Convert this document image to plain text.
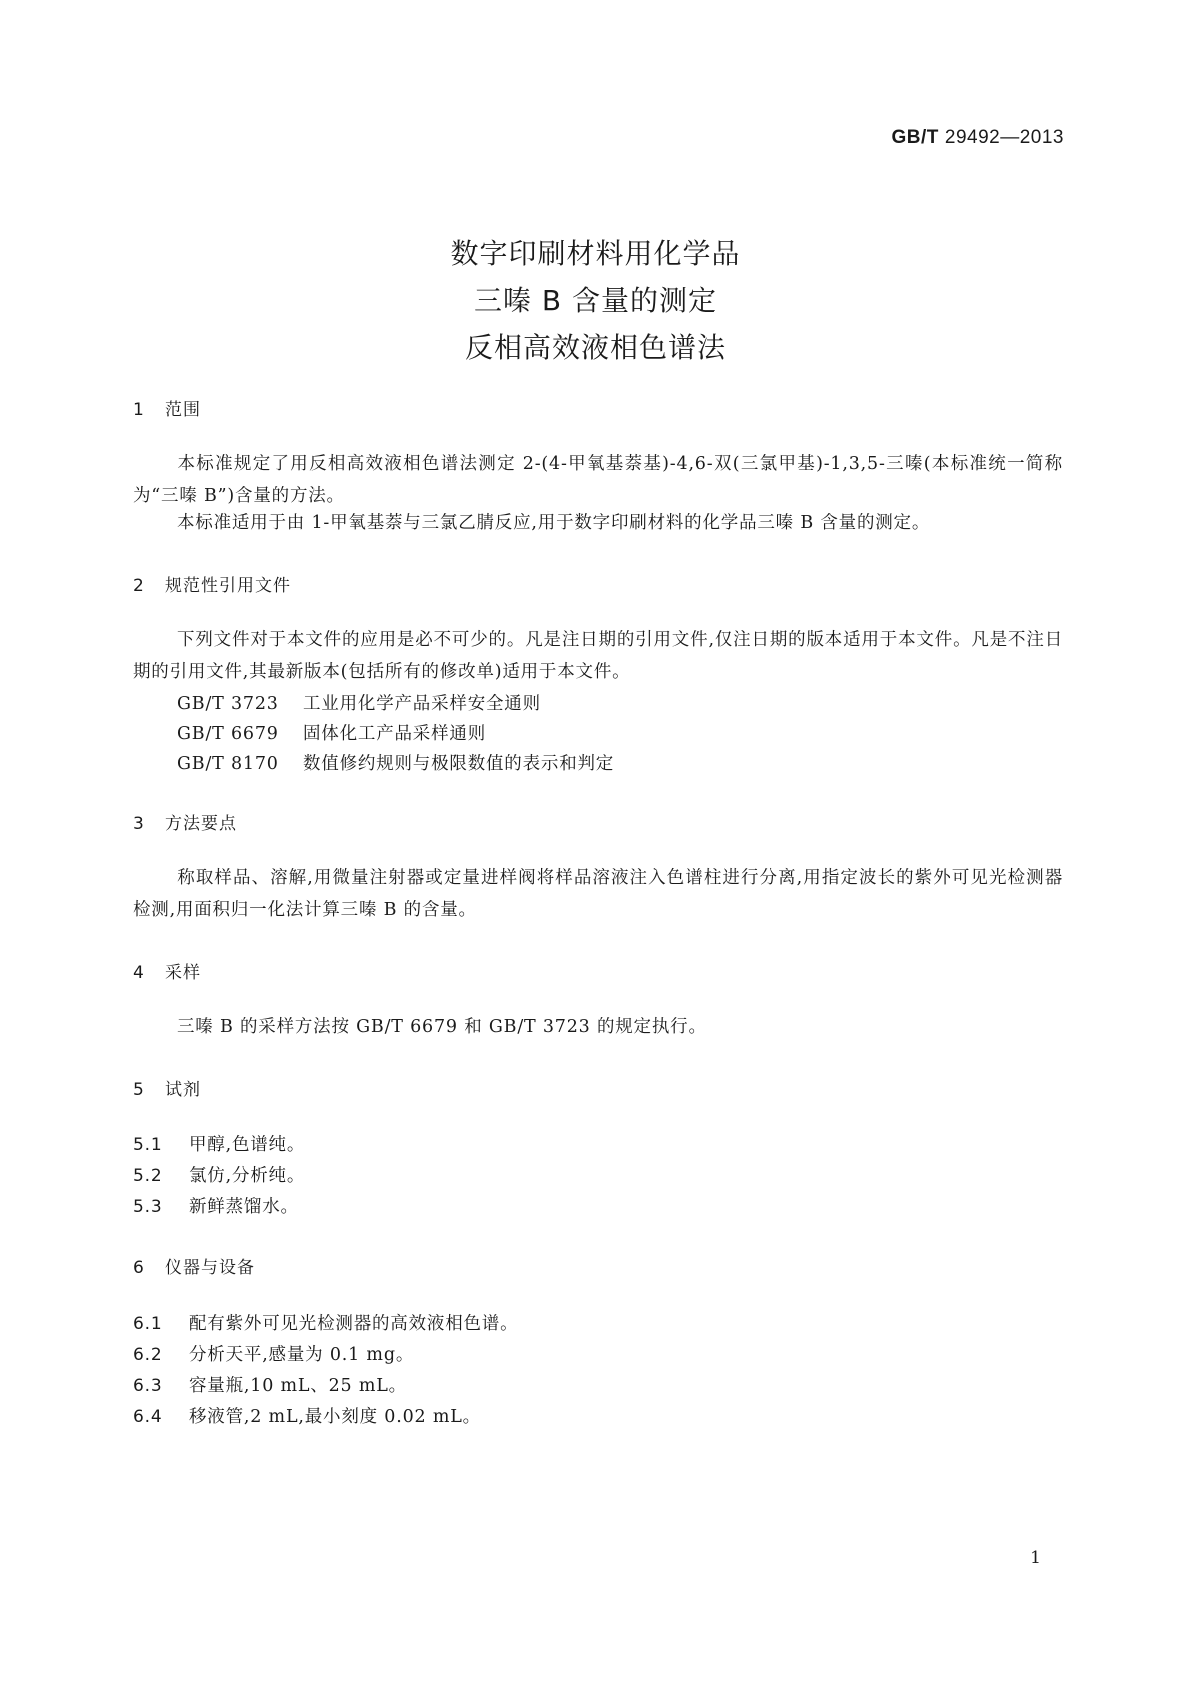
GB/T 29492—2013
数字印刷材料用化学品
三嗪 B 含量的测定
反相高效液相色谱法
1 范围
本标准规定了用反相高效液相色谱法测定 2-(4-甲氧基萘基)-4,6-双(三氯甲基)-1,3,5-三嗪(本标准统一简称为“三嗪 B”)含量的方法。
本标准适用于由 1-甲氧基萘与三氯乙腈反应,用于数字印刷材料的化学品三嗪 B 含量的测定。
2 规范性引用文件
下列文件对于本文件的应用是必不可少的。凡是注日期的引用文件,仅注日期的版本适用于本文件。凡是不注日期的引用文件,其最新版本(包括所有的修改单)适用于本文件。
GB/T 3723 工业用化学产品采样安全通则
GB/T 6679 固体化工产品采样通则
GB/T 8170 数值修约规则与极限数值的表示和判定
3 方法要点
称取样品、溶解,用微量注射器或定量进样阀将样品溶液注入色谱柱进行分离,用指定波长的紫外可见光检测器检测,用面积归一化法计算三嗪 B 的含量。
4 采样
三嗪 B 的采样方法按 GB/T 6679 和 GB/T 3723 的规定执行。
5 试剂
5.1 甲醇,色谱纯。
5.2 氯仿,分析纯。
5.3 新鲜蒸馏水。
6 仪器与设备
6.1 配有紫外可见光检测器的高效液相色谱。
6.2 分析天平,感量为 0.1 mg。
6.3 容量瓶,10 mL、25 mL。
6.4 移液管,2 mL,最小刻度 0.02 mL。
1
